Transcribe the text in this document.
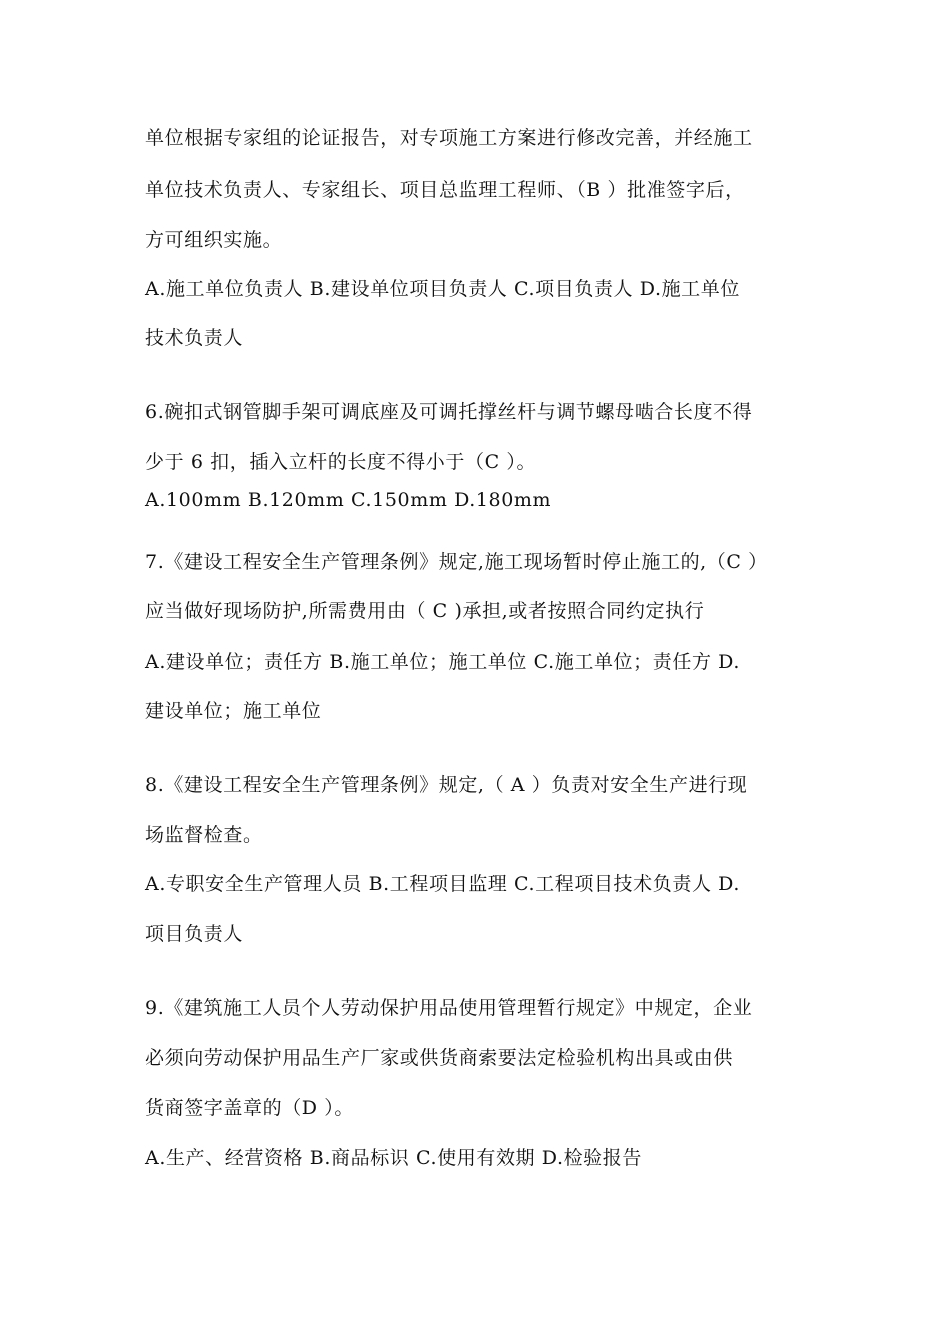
单位根据专家组的论证报告，对专项施工方案进行修改完善，并经施工
单位技术负责人、专家组长、项目总监理工程师、（B ）批准签字后，
方可组织实施。
A.施工单位负责人 B.建设单位项目负责人 C.项目负责人 D.施工单位
技术负责人
6.碗扣式钢管脚手架可调底座及可调托撑丝杆与调节螺母啮合长度不得
少于 6 扣，插入立杆的长度不得小于（C ）。
A.100mm B.120mm C.150mm D.180mm
7.《建设工程安全生产管理条例》规定,施工现场暂时停止施工的,（C ）
应当做好现场防护,所需费用由（ C )承担,或者按照合同约定执行
A.建设单位；责任方 B.施工单位；施工单位 C.施工单位；责任方 D.
建设单位；施工单位
8.《建设工程安全生产管理条例》规定,（ A ）负责对安全生产进行现
场监督检查。
A.专职安全生产管理人员 B.工程项目监理 C.工程项目技术负责人 D.
项目负责人
9.《建筑施工人员个人劳动保护用品使用管理暂行规定》中规定，企业
必须向劳动保护用品生产厂家或供货商索要法定检验机构出具或由供
货商签字盖章的（D ）。
A.生产、经营资格 B.商品标识 C.使用有效期 D.检验报告
